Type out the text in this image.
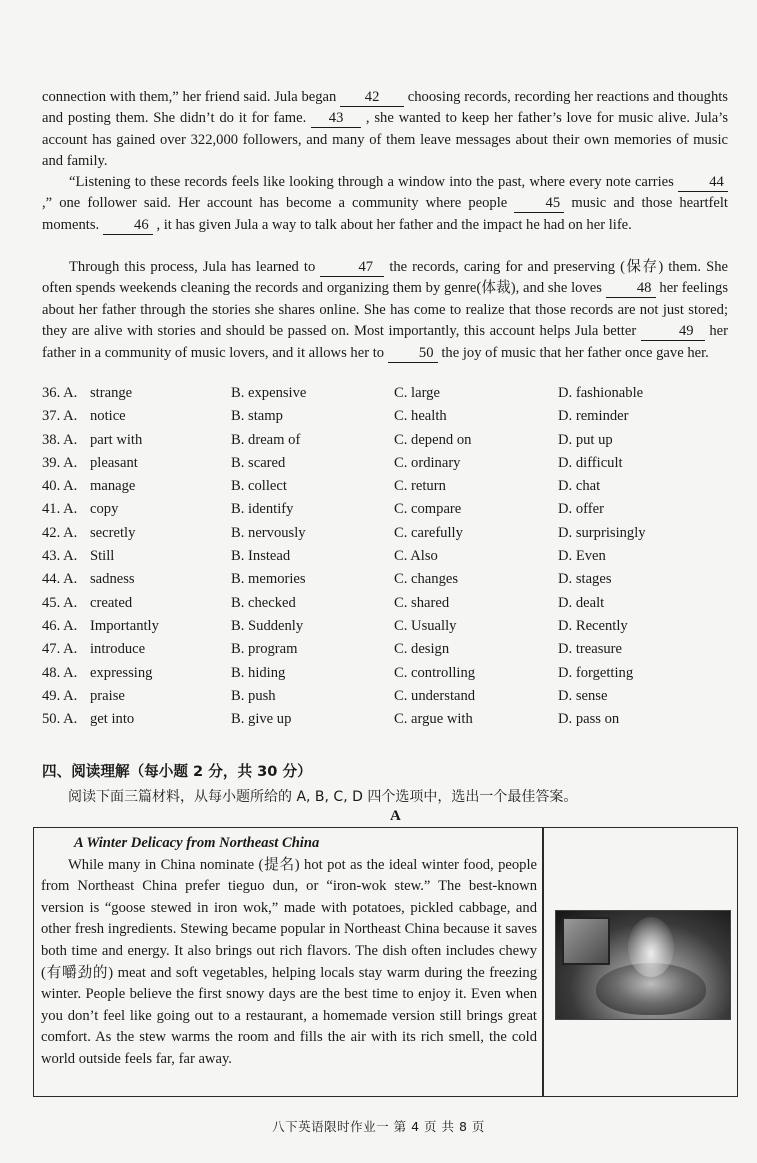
connection with them,” her friend said. Jula began 42 choosing records, recording her reactions and thoughts and posting them. She didn’t do it for fame. 43 , she wanted to keep her father’s love for music alive. Jula’s account has gained over 322,000 followers, and many of them leave messages about their own memories of music and family.
“Listening to these records feels like looking through a window into the past, where every note carries 44 ,” one follower said. Her account has become a community where people 45 music and those heartfelt moments. 46 , it has given Jula a way to talk about her father and the impact he had on her life.
Through this process, Jula has learned to	47 the records, caring for and preserving (保存) them. She often spends weekends cleaning the records and organizing them by genre(体裁), and she loves 48 her feelings about her father through the stories she shares online. She has come to realize that those records are not just stored; they are alive with stories and should be passed on. Most importantly, this account helps Jula better	49 her father in a community of music lovers, and it allows her to 50 the joy of music that her father once gave her.
36. A. strange	B. expensive	C. large	D. fashionable
37. A. notice	B. stamp	C. health	D. reminder
38. A. part with	B. dream of	C. depend on	D. put up
39. A. pleasant	B. scared	C. ordinary	D. difficult
40. A. manage	B. collect	C. return	D. chat
41. A. copy	B. identify	C. compare	D. offer
42. A. secretly	B. nervously	C. carefully	D. surprisingly
43. A. Still	B. Instead	C. Also	D. Even
44. A. sadness	B. memories	C. changes	D. stages
45. A. created	B. checked	C. shared	D. dealt
46. A. Importantly	B. Suddenly	C. Usually	D. Recently
47. A. introduce	B. program	C. design	D. treasure
48. A. expressing	B. hiding	C. controlling	D. forgetting
49. A. praise	B. push	C. understand	D. sense
50. A. get into	B. give up	C. argue with	D. pass on
四、阅读理解（每小题 2 分，共 30 分）
阅读下面三篇材料，从每小题所给的 A, B, C, D 四个选项中，选出一个最佳答案。
A
A Winter Delicacy from Northeast China
While many in China nominate (提名) hot pot as the ideal winter food, people from Northeast China prefer tieguo dun, or “iron-wok stew.” The best-known version is “goose stewed in iron wok,” made with potatoes, pickled cabbage, and other fresh ingredients. Stewing became popular in Northeast China because it saves both time and energy. It also brings out rich flavors. The dish often includes chewy (有嚼劲的) meat and soft vegetables, helping locals stay warm during the freezing winter. People believe the first snowy days are the best time to enjoy it. Even when you don’t feel like going out to a restaurant, a homemade version still brings great comfort. As the stew warms the room and fills the air with its rich smell, the cold world outside feels far, far away.
八下英语限时作业一 第 4 页 共 8 页
